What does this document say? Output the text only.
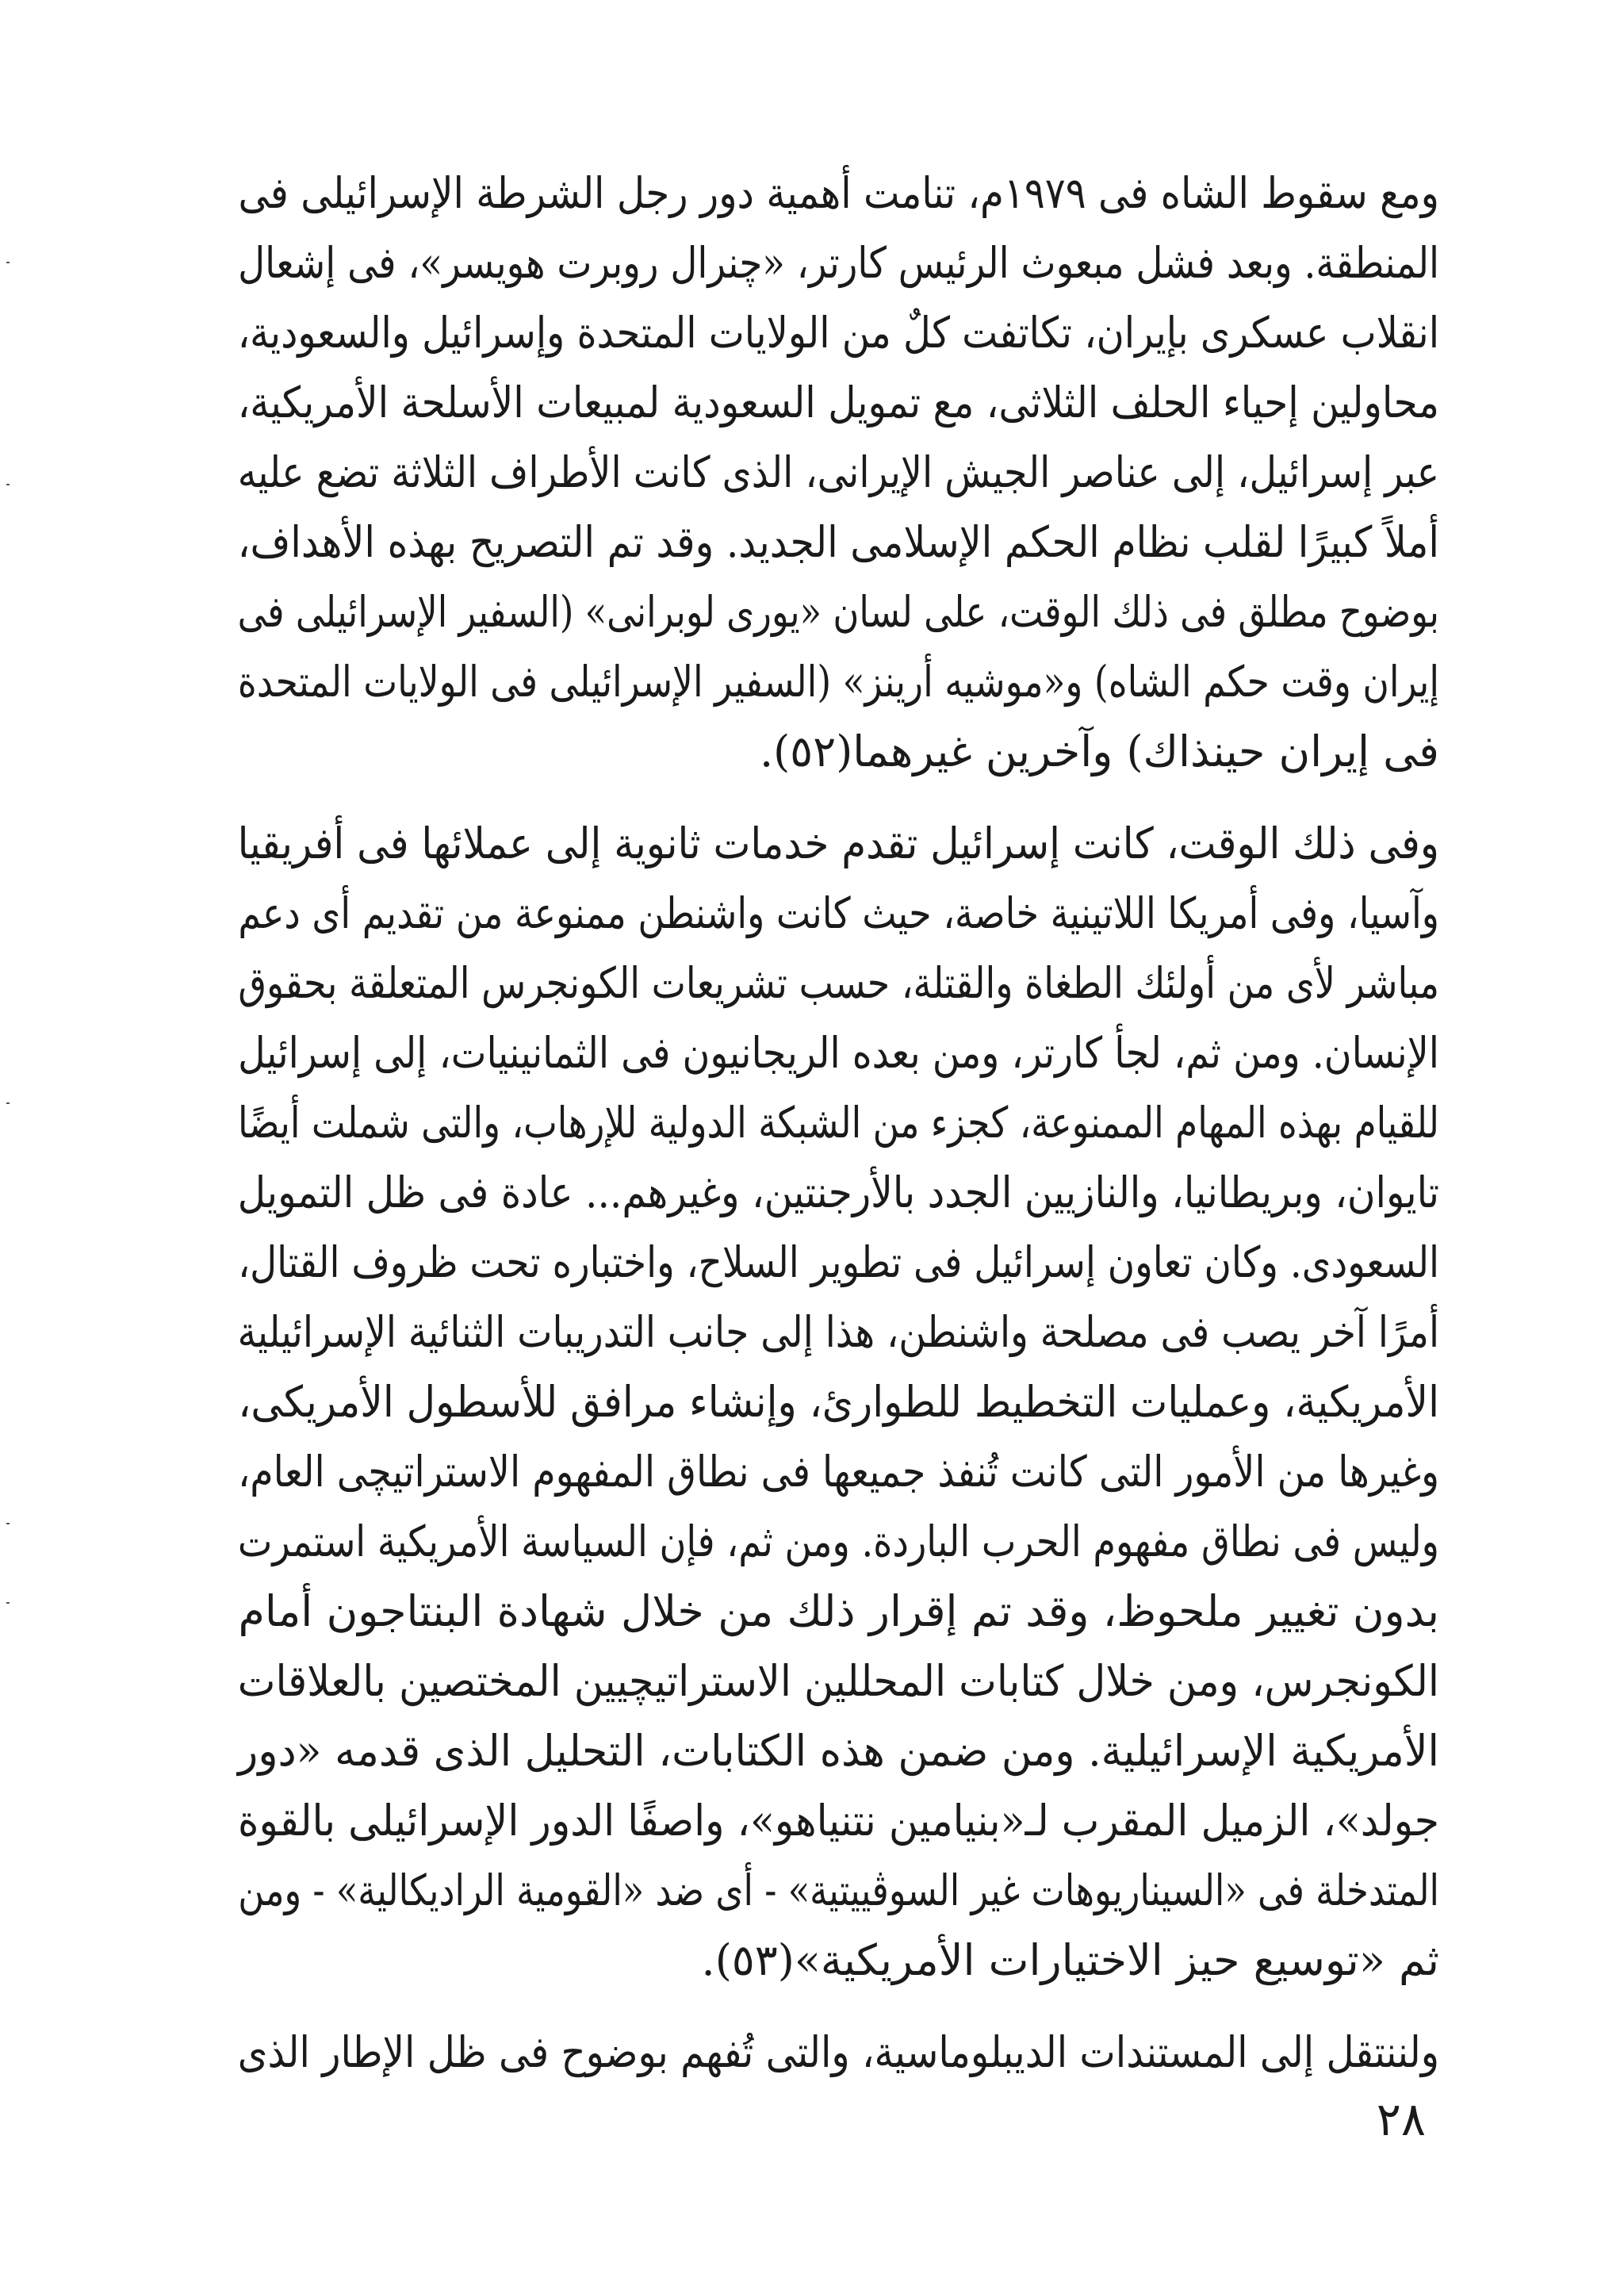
ومع سقوط الشاه فى ١٩٧٩م، تنامت أهمية دور رجل الشرطة الإسرائيلى فى
المنطقة. وبعد فشل مبعوث الرئيس كارتر، «چنرال روبرت هويسر»، فى إشعال
انقلاب عسكرى بإيران، تكاتفت كلٌ من الولايات المتحدة وإسرائيل والسعودية،
محاولين إحياء الحلف الثلاثى، مع تمويل السعودية لمبيعات الأسلحة الأمريكية،
عبر إسرائيل، إلى عناصر الجيش الإيرانى، الذى كانت الأطراف الثلاثة تضع عليه
أملاً كبيرًا لقلب نظام الحكم الإسلامى الجديد. وقد تم التصريح بهذه الأهداف،
بوضوح مطلق فى ذلك الوقت، على لسان «يورى لوبرانى» (السفير الإسرائيلى فى
إيران وقت حكم الشاه) و«موشيه أرينز» (السفير الإسرائيلى فى الولايات المتحدة
فى إيران حينذاك) وآخرين غيرهما(٥٢).

وفى ذلك الوقت، كانت إسرائيل تقدم خدمات ثانوية إلى عملائها فى أفريقيا
وآسيا، وفى أمريكا اللاتينية خاصة، حيث كانت واشنطن ممنوعة من تقديم أى دعم
مباشر لأى من أولئك الطغاة والقتلة، حسب تشريعات الكونجرس المتعلقة بحقوق
الإنسان. ومن ثم، لجأ كارتر، ومن بعده الريجانيون فى الثمانينيات، إلى إسرائيل
للقيام بهذه المهام الممنوعة، كجزء من الشبكة الدولية للإرهاب، والتى شملت أيضًا
تايوان، وبريطانيا، والنازيين الجدد بالأرجنتين، وغيرهم... عادة فى ظل التمويل
السعودى. وكان تعاون إسرائيل فى تطوير السلاح، واختباره تحت ظروف القتال،
أمرًا آخر يصب فى مصلحة واشنطن، هذا إلى جانب التدريبات الثنائية الإسرائيلية
الأمريكية، وعمليات التخطيط للطوارئ، وإنشاء مرافق للأسطول الأمريكى،
وغيرها من الأمور التى كانت تُنفذ جميعها فى نطاق المفهوم الاستراتيچى العام،
وليس فى نطاق مفهوم الحرب الباردة. ومن ثم، فإن السياسة الأمريكية استمرت
بدون تغيير ملحوظ، وقد تم إقرار ذلك من خلال شهادة البنتاجون أمام
الكونجرس، ومن خلال كتابات المحللين الاستراتيچيين المختصين بالعلاقات
الأمريكية الإسرائيلية. ومن ضمن هذه الكتابات، التحليل الذى قدمه «دور
جولد»، الزميل المقرب لـ«بنيامين نتنياهو»، واصفًا الدور الإسرائيلى بالقوة
المتدخلة فى «السيناريوهات غير السوڤييتية» - أى ضد «القومية الراديكالية» - ومن
ثم «توسيع حيز الاختيارات الأمريكية»(٥٣).

ولننتقل إلى المستندات الديبلوماسية، والتى تُفهم بوضوح فى ظل الإطار الذى

٢٨
